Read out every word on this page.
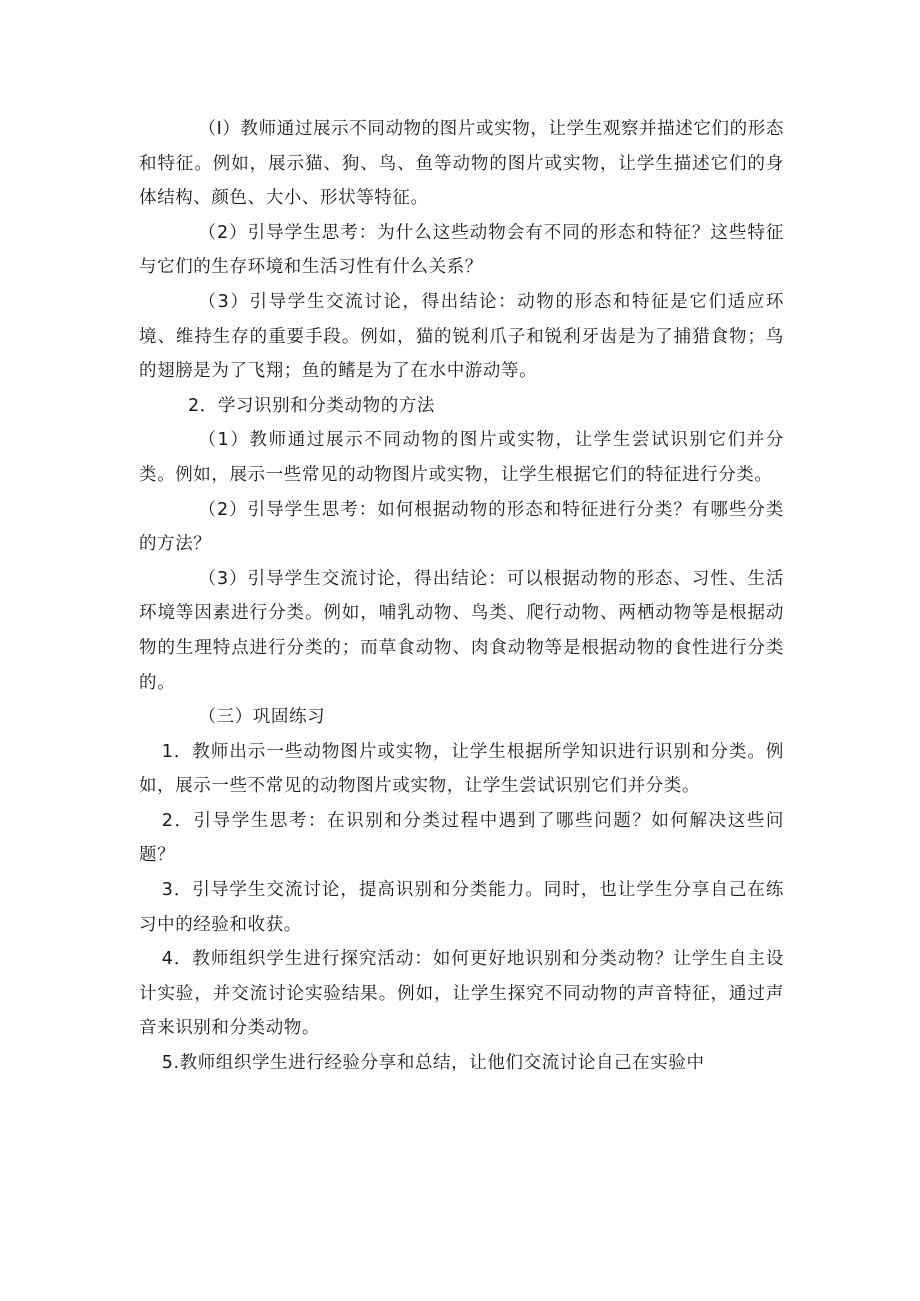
（I）教师通过展示不同动物的图片或实物，让学生观察并描述它们的形态和特征。例如，展示猫、狗、鸟、鱼等动物的图片或实物，让学生描述它们的身体结构、颜色、大小、形状等特征。

（2）引导学生思考：为什么这些动物会有不同的形态和特征？这些特征与它们的生存环境和生活习性有什么关系？

（3）引导学生交流讨论，得出结论：动物的形态和特征是它们适应环境、维持生存的重要手段。例如，猫的锐利爪子和锐利牙齿是为了捕猎食物；鸟的翅膀是为了飞翔；鱼的鳍是为了在水中游动等。

2．学习识别和分类动物的方法

（1）教师通过展示不同动物的图片或实物，让学生尝试识别它们并分类。例如，展示一些常见的动物图片或实物，让学生根据它们的特征进行分类。

（2）引导学生思考：如何根据动物的形态和特征进行分类？有哪些分类的方法？

（3）引导学生交流讨论，得出结论：可以根据动物的形态、习性、生活环境等因素进行分类。例如，哺乳动物、鸟类、爬行动物、两栖动物等是根据动物的生理特点进行分类的；而草食动物、肉食动物等是根据动物的食性进行分类的。

（三）巩固练习

1．教师出示一些动物图片或实物，让学生根据所学知识进行识别和分类。例如，展示一些不常见的动物图片或实物，让学生尝试识别它们并分类。

2．引导学生思考：在识别和分类过程中遇到了哪些问题？如何解决这些问题？

3．引导学生交流讨论，提高识别和分类能力。同时，也让学生分享自己在练习中的经验和收获。

4．教师组织学生进行探究活动：如何更好地识别和分类动物？让学生自主设计实验，并交流讨论实验结果。例如，让学生探究不同动物的声音特征，通过声音来识别和分类动物。

5.教师组织学生进行经验分享和总结，让他们交流讨论自己在实验中
